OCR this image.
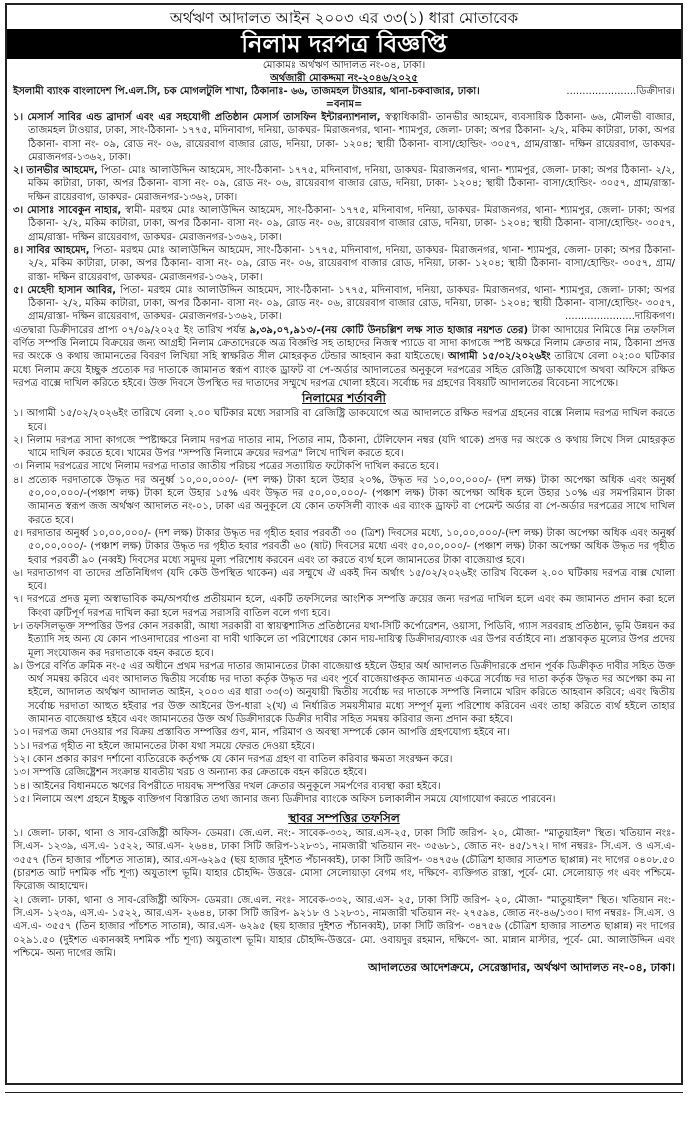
অর্থঋণ আদালত আইন ২০০৩ এর ৩৩(১) ধারা মোতাবেক
নিলাম দরপত্র বিজ্ঞপ্তি
মোকামঃ অর্থঋণ আদালত নং-০৪, ঢাকা।
অর্থজারী মোকদ্দমা নং-২০৪৬/২০২৫
ইসলামী ব্যাংক বাংলাদেশ পি.এল.সি, চক মোগলটুলি শাখা, ঠিকানাঃ- ৬৬, তাজমহল টাওয়ার, থানা-চকবাজার, ঢাকা।	......................ডিক্রীদার।
=বনাম=

১। মেসার্স সাবির এন্ড ব্রাদার্স এবং এর সহযোগী প্রতিষ্ঠান মেসার্স তাসফিন ইন্টারন্যাশনাল, স্বত্বাধিকারী- তানভীর আহমেদ, ব্যবসায়িক ঠিকানা- ৬৬, মৌলভী বাজার, তাজমহল টাওয়ার, ঢাকা, সাং-ঠিকানা- ১৭৭৫, মদিনাবাগ, দনিয়া, ডাকঘর- মিরাজনগর, থানা- শ্যামপুর, জেলা- ঢাকা; অপর ঠিকানা- ২/২, মকিম কাটারা, ঢাকা, অপর ঠিকানা- বাসা নং- ০৯, রোড নং- ০৬, রায়েরবাগ বাজার রোড, দনিয়া, ঢাকা- ১২০৪; স্থায়ী ঠিকানা- বাসা/হোল্ডিং- ৩০৫৭, গ্রাম/রাস্তা- দক্ষিন রায়েরবাগ, ডাকঘর- মেরাজনগর-১৩৬২, ঢাকা।

২। তানভীর আহমেদ, পিতা- মোঃ আলাউদ্দিন আহমেদ, সাং-ঠিকানা- ১৭৭৫, মদিনাবাগ, দনিয়া, ডাকঘর- মিরাজনগর, থানা- শ্যামপুর, জেলা- ঢাকা; অপর ঠিকানা- ২/২, মকিম কাটারা, ঢাকা, অপর ঠিকানা- বাসা নং- ০৯, রোড নং- ০৬, রায়েরবাগ বাজার রোড, দনিয়া, ঢাকা- ১২০৪; স্থায়ী ঠিকানা- বাসা/হোল্ডিং- ৩০৫৭, গ্রাম/রাস্তা- দক্ষিন রায়েরবাগ, ডাকঘর- মেরাজনগর-১৩৬২, ঢাকা।

৩। মোসাঃ সাবেকুন নাহার, স্বামী- মরহুম মোঃ আলাউদ্দিন আহমেদ, সাং-ঠিকানা- ১৭৭৫, মদিনাবাগ, দনিয়া, ডাকঘর- মিরাজনগর, থানা- শ্যামপুর, জেলা- ঢাকা; অপর ঠিকানা- ২/২, মকিম কাটারা, ঢাকা, অপর ঠিকানা- বাসা নং- ০৯, রোড নং- ০৬, রায়েরবাগ বাজার রোড, দনিয়া, ঢাকা- ১২০৪; স্থায়ী ঠিকানা- বাসা/হোল্ডিং- ৩০৫৭, গ্রাম/রাস্তা- দক্ষিন রায়েরবাগ, ডাকঘর- মেরাজনগর-১৩৬২, ঢাকা।

৪। সাবির আহমেদ, পিতা- মরহুম মোঃ আলাউদ্দিন আহমেদ, সাং-ঠিকানা- ১৭৭৫, মদিনাবাগ, দনিয়া, ডাকঘর- মিরাজনগর, থানা- শ্যামপুর, জেলা- ঢাকা; অপর ঠিকানা- ২/২, মকিম কাটারা, ঢাকা, অপর ঠিকানা- বাসা নং- ০৯, রোড নং- ০৬, রায়েরবাগ বাজার রোড, দনিয়া, ঢাকা- ১২০৪; স্থায়ী ঠিকানা- বাসা/হোল্ডিং- ৩০৫৭, গ্রাম/রাস্তা- দক্ষিন রায়েরবাগ, ডাকঘর- মেরাজনগর-১৩৬২, ঢাকা।

৫। মেহেদী হাসান আবির, পিতা- মরহুম মোঃ আলাউদ্দিন আহমেদ, সাং-ঠিকানা- ১৭৭৫, মদিনাবাগ, দনিয়া, ডাকঘর- মিরাজনগর, থানা- শ্যামপুর, জেলা- ঢাকা; অপর ঠিকানা- ২/২, মকিম কাটারা, ঢাকা, অপর ঠিকানা- বাসা নং- ০৯, রোড নং- ০৬, রায়েরবাগ বাজার রোড, দনিয়া, ঢাকা- ১২০৪; স্থায়ী ঠিকানা- বাসা/হোল্ডিং- ৩০৫৭, গ্রাম/রাস্তা- দক্ষিন রায়েরবাগ, ডাকঘর- মেরাজনগর-১৩৬২, ঢাকা।	......................দায়িকগণ।

এতদ্বারা ডিক্রীদারের প্রাপ্য ০৭/০৯/২০২৫ ইং তারিখ পর্যন্ত ৯,৩৯,০৭,৯১৩/-(নয় কোটি উনচল্লিশ লক্ষ সাত হাজার নয়শত তের) টাকা আদায়ের নিমিত্তে নিম্ন তফসিল বর্ণিত সম্পত্তি নিলামে বিক্রয়ের জন্য আগ্রহী নিলাম ক্রেতাদেরকে অত্র বিজ্ঞপ্তি সহ তাহাদের নিজস্ব প্যাডে বা সাদা কাগজে স্পষ্ট অক্ষরে নিলাম ক্রেতার নাম, ঠিকানা প্রদত্ত দর অংকে ও কথায় জামানতের বিবরণ লিখিয়া সহি স্বাক্ষরিত সীল মোহরকৃত টেন্ডার আহবান করা যাইতেছে। আগামী ১৫/০২/২০২৬ইং তারিখে বেলা ০২:০০ ঘটিকার মধ্যে নিলাম ক্রয়ে ইচ্ছুক প্রত্যেক দর দাতাকে জামানত স্বরূপ ব্যাংক ড্রাফট বা পে-অর্ডার আদালতের অনুকূলে দরপত্রের সহিত রেজিষ্ট্রি ডাকযোগে অথবা অফিসে রক্ষিত দরপত্র বাক্সে দাখিল করিতে হইবে। উক্ত দিবসে উপস্থিত দর দাতাদের সম্মুখে দরপত্র খোলা হইবে। সর্বোচ্চ দর গ্রহণের বিষয়টি আদালতের বিবেচনা সাপেক্ষে।

নিলামের শর্তাবলী

১। আগামী ১৫/০২/২০২৬ইং তারিখে বেলা ২.০০ ঘটিকার মধ্যে সরাসরি বা রেজিষ্ট্রি ডাকযোগে অত্র আদালতে রক্ষিত দরপত্র গ্রহনের বাক্সে নিলাম দরপত্র দাখিল করতে হবে।

২। নিলাম দরপত্র সাদা কাগজে স্পষ্টাক্ষরে নিলাম দরপত্র দাতার নাম, পিতার নাম, ঠিকানা, টেলিফোন নম্বর (যদি থাকে) প্রদত্ত দর অংকে ও কথায় লিখে সিল মোহরকৃত খামে দাখিল করতে হবে। খামের উপর "সম্পত্তি নিলামে ক্রয়ের দরপত্র" লিখে দাখিল করতে হবে।

৩। নিলাম দরপত্রের সাথে নিলাম দরপত্র দাতার জাতীয় পরিচয় পত্রের সত্যায়িত ফটোকপি দাখিল করতে হবে।

৪। প্রত্যেক দরদাতাকে উদ্ধৃত দর অনুর্ধ্ব ১০,০০,০০০/- (দশ লক্ষ) টাকা হলে উহার ২০%, উদ্ধৃত দর ১০,০০,০০০/- (দশ লক্ষ) টাকা অপেক্ষা অধিক এবং অনুর্ধ্ব ৫০,০০,০০০/-(পঞ্চাশ লক্ষ) টাকা হলে উহার ১৫% এবং উদ্ধৃত দর ৫০,০০,০০০/- (পঞ্চাশ লক্ষ) টাকা অপেক্ষা অধিক হলে উহার ১০% এর সমপরিমান টাকা জামানত স্বরূপ জজ অর্থঋণ আদালত নং-০১, ঢাকা এর অনুকূলে যে কোন তফসিলী ব্যাংক এর ব্যাংক ড্রাফট বা পেমেন্ট অর্ডার বা পে-অর্ডার দরপত্রের সাথে দাখিল করতে হবে।

৫। দরদাতার অনুর্ধ্ব ১০,০০,০০০/- (দশ লক্ষ) টাকার উদ্ধৃত দর গৃহীত হবার পরবর্তী ৩০ (ত্রিশ) দিবসের মধ্যে, ১০,০০,০০০/-(দশ লক্ষ) টাকা অপেক্ষা অধিক এবং অনুর্ধ্ব ৫০,০০,০০০/- (পঞ্চাশ লক্ষ) টাকার উদ্ধৃত দর গৃহীত হবার পরবর্তী ৬০ (ষাট) দিবসের মধ্যে এবং ৫০,০০,০০০/- (পঞ্চাশ লক্ষ) টাকা অপেক্ষা অধিক উদ্ধৃত দর গৃহীত হবার পরবর্তী ৯০ (নব্বই) দিবসের মধ্যে সমুদয় মূল্য পরিশোধ করবেন এবং তা করতে ব্যর্থ হলে জামানতের টাকা বাজেয়াপ্ত হবে।

৬। দরদাতাগণ বা তাদের প্রতিনিধিগণ (যদি কেউ উপস্থিত থাকেন) এর সম্মুখে ঐ একই দিন অর্থাৎ ১৫/০২/২০২৬ইং তারিখ বিকেল ২.০০ ঘটিকায় দরপত্র বাক্স খোলা হবে।

৭। দরপত্রে প্রদত্ত মূল্য অস্বাভাবিক কম/অপর্যাপ্ত প্রতীয়মান হলে, একটি তফসিলের আংশিক সম্পত্তি ক্রয়ের জন্য দরপত্র দাখিল হলে এবং কম জামানত প্রদান করা হলে কিংবা ত্রুটিপূর্ণ দরপত্র দাখিল করা হলে দরপত্র সরাসরি বাতিল বলে গণ্য হবে।

৮। তফসিলভূক্ত সম্পত্তির উপর কোন সরকারী, আধা সরকারী বা স্বায়ত্বশাসিত প্রতিষ্ঠানের যথা-সিটি কর্পোরেশন, ওয়াসা, পিডিবি, গ্যাস সরবরাহ প্রতিষ্ঠান, ভূমি উন্নয়ন কর ইত্যাদি সহ অন্য যে কোন পাওনাদারের পাওনা বা দাবী থাকিলে তা পরিশোধের কোন দায়-দায়িত্ব ডিক্রীদার/ব্যাংক এর উপর বর্তাইবে না। প্রস্তাবকৃত মূল্যের উপর প্রদেয় মূল্য সংযোজন কর দরদাতাকে বহন করতে হবে।

৯। উপরে বর্ণিত ক্রমিক নং-৫ এর অধীনে প্রথম দরপত্র দাতার জামানতের টাকা বাজেয়াপ্ত হইলে উহার অর্ধ আদালত ডিক্রীদারকে প্রদান পূর্বক ডিক্রীকৃত দাবীর সহিত উক্ত অর্থ সমন্বয় করিবে এবং আদালত দ্বিতীয় সর্বোচ্চ দর দাতা কর্তৃক উদ্ধৃত দর এবং পূর্বে বাজেয়াপ্তকৃত জামানত একত্রে সর্বোচ্চ দর দাতা কর্তৃক উদ্ধৃত দর অপেক্ষা কম না হইলে, আদালত অর্থঋণ আদালত আইন, ২০০৩ এর ধারা ৩৩(৩) অনুযায়ী দ্বিতীয় সর্বোচ্চ দর দাতাকে সম্পত্তি নিলামে খরিদ করিতে আহবান করিবে; এবং দ্বিতীয় সর্বোচ্চ দরদাতা আহুত হইবার পর উক্ত আইনের উপ-ধারা ২(খ) এ নির্ধারিত সময়সীমার মধ্যে সম্পূর্ণ মূল্য পরিশোধ করিবেন এবং তাহা করিতে ব্যর্থ হইলে তাহার জামানত বাজেয়াপ্ত হইবে এবং জামানতের উক্ত অর্থ ডিক্রীদারকে ডিক্রীর দাবীর সহিত সমন্বয় করিবার জন্য প্রদান করা হইবে।

১০। দরপত্র জমা দেওয়ার পর বিক্রয় প্রস্তাবিত সম্পত্তির গুণ, মান, পরিমাণ ও অবস্থা সম্পর্কে কোন আপত্তি গ্রহণযোগ্য হইবে না।

১১। দরপত্র গৃহীত না হইলে জামানতের টাকা যথা সময়ে ফেরত দেওয়া হইবে।

১২। কোন প্রকার কারণ দর্শানো ব্যতিরেকে কর্তৃপক্ষ যে কোন দরপত্র গ্রহণ বা বাতিল করিবার ক্ষমতা সংরক্ষন করে।

১৩। সম্পত্তি রেজিষ্ট্রেশন সংক্রান্ত যাবতীয় খরচ ও অন্যান্য কর ক্রেতাকে বহন করিতে হইবে।

১৪। আইনের বিধানমতে ঋণের বিপরীতে দায়বদ্ধ সম্পত্তির দখল ক্রেতার অনুকূলে সমর্পণের ব্যবস্থা করা হইবে।

১৫। নিলামে অংশ গ্রহনে ইচ্ছুক ব্যক্তিগণ বিস্তারিত তথ্য জানার জন্য ডিক্রীদার ব্যাংকে অফিস চলাকালীন সময়ে যোগাযোগ করতে পারবেন।

স্থাবর সম্পত্তির তফসিল

১। জেলা- ঢাকা, থানা ও সাব-রেজিষ্ট্রী অফিস- ডেমরা। জে.এল. নং:- সাবেক-৩৩২, আর.এস-২৫, ঢাকা সিটি জরিপ- ২০, মৌজা- "মাতুয়াইল" স্থিত। খতিয়ান নংঃ- সি.এস- ১২৩৯, এস.এ- ১৫২২, আর.এস- ২৬৪৪, ঢাকা সিটি জরিপ-১২৮৩১, নামজারী খতিয়ান নং- ৩৫৬৮১, জোত নং- ৪৫/১৭২। দাগ নম্বরঃ- সি.এস. ও এস.এ- ৩৫৫৭ (তিন হাজার পাঁচশত সাতান্ন), আর.এস-৬২৯৫ (ছয় হাজার দুইশত পঁচানব্বই), ঢাকা সিটি জরিপ- ৩৪৭৫৬ (চৌত্রিশ হাজার সাতশত ছাপ্পান্ন) নং দাগের ০৪০৮.৫০ (চারশত আট দশমিক পাঁচ শূণ্য) অযুতাংশ ভূমি। যাহার চৌহদ্দি- উত্তরে- মোসা সেলোয়াড়া বেগম গং, দক্ষিণে- ব্যক্তিগত রাস্তা, পূর্বে- মো. সেলোয়াড় গং এবং পশ্চিমে- ফিরোজ আহাম্মেদ।

২। জেলা- ঢাকা, থানা ও সাব-রেজিষ্ট্রী অফিস- ডেমরা। জে.এল. নংঃ- সাবেক-৩৩২, আর.এস- ২৫, ঢাকা সিটি জরিপ- ২০, মৌজা- "মাতুয়াইল" স্থিত। খতিয়ান নং:- সি.এস- ১২৩৯, এস.এ- ১৫২২, আর.এস- ২৬৪৪, ঢাকা সিটি জরিপ- ৯২১৮ ও ১২৮৩১, নামজারী খতিয়ান নং- ২৭৫৯৪, জোত নং-৪৬/১৩০। দাগ নম্বরঃ- সি.এস. ও এস.এ- ৩৫৫৭ (তিন হাজার পাঁচশত সাতান্ন), আর.এস- ৬২৯৫ (ছয় হাজার দুইশত পঁচানব্বই), ঢাকা সিটি জরিপ- ৩৪৭৫৬ (চৌত্রিশ হাজার সাতশত ছাপ্পান্ন) নং দাগের ০২৯১.৫০ (দুইশত একানব্বই দশমিক পাঁচ শূণ্য) অযুতাংশ ভূমি। যাহার চৌহদ্দি-উত্তরে- মো. ওবায়দুর রহমান, দক্ষিণে- আ. মান্নান মাস্টার, পূর্বে- মো. আলাউদ্দিন এবং পশ্চিমে- অন্য দাগের জমি।

আদালতের আদেশক্রমে, সেরেস্তাদার, অর্থঋণ আদালত নং-০৪, ঢাকা।
